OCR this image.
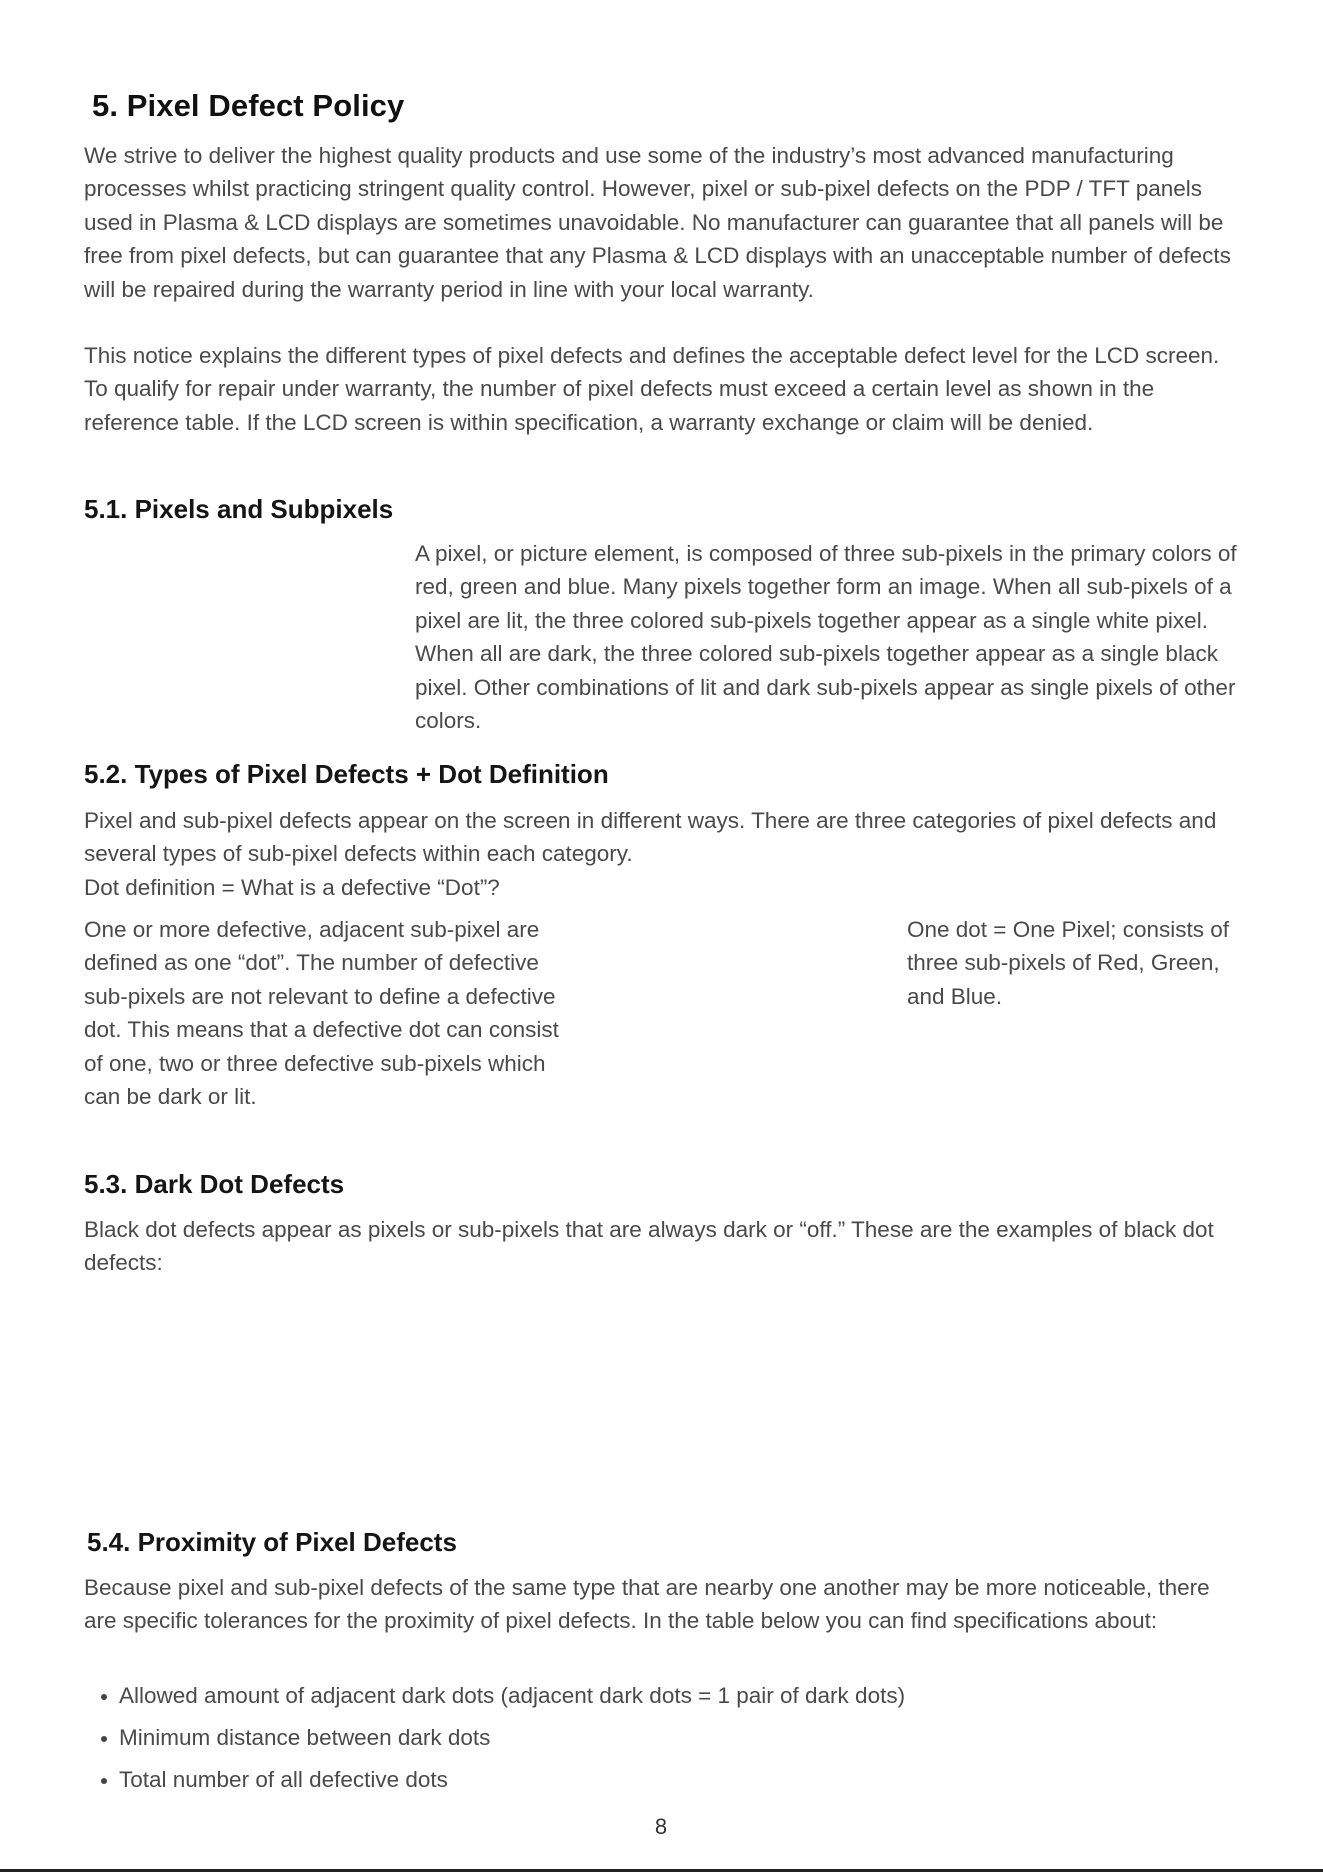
5. Pixel Defect Policy

We strive to deliver the highest quality products and use some of the industry’s most advanced manufacturing processes whilst practicing stringent quality control. However, pixel or sub-pixel defects on the PDP / TFT panels used in Plasma & LCD displays are sometimes unavoidable. No manufacturer can guarantee that all panels will be free from pixel defects, but can guarantee that any Plasma & LCD displays with an unacceptable number of defects will be repaired during the warranty period in line with your local warranty.

This notice explains the different types of pixel defects and defines the acceptable defect level for the LCD screen. To qualify for repair under warranty, the number of pixel defects must exceed a certain level as shown in the reference table. If the LCD screen is within specification, a warranty exchange or claim will be denied.

5.1. Pixels and Subpixels

A pixel, or picture element, is composed of three sub-pixels in the primary colors of red, green and blue. Many pixels together form an image. When all sub-pixels of a pixel are lit, the three colored sub-pixels together appear as a single white pixel. When all are dark, the three colored sub-pixels together appear as a single black pixel. Other combinations of lit and dark sub-pixels appear as single pixels of other colors.

5.2. Types of Pixel Defects + Dot Definition

Pixel and sub-pixel defects appear on the screen in different ways. There are three categories of pixel defects and several types of sub-pixel defects within each category.

Dot definition = What is a defective “Dot”?

One or more defective, adjacent sub-pixel are defined as one “dot”. The number of defective sub-pixels are not relevant to define a defective dot. This means that a defective dot can consist of one, two or three defective sub-pixels which can be dark or lit.

One dot = One Pixel; consists of three sub-pixels of Red, Green, and Blue.

5.3. Dark Dot Defects

Black dot defects appear as pixels or sub-pixels that are always dark or “off.” These are the examples of black dot defects:

5.4. Proximity of Pixel Defects

Because pixel and sub-pixel defects of the same type that are nearby one another may be more noticeable, there are specific tolerances for the proximity of pixel defects. In the table below you can find specifications about:

Allowed amount of adjacent dark dots (adjacent dark dots = 1 pair of dark dots)
Minimum distance between dark dots
Total number of all defective dots
8
